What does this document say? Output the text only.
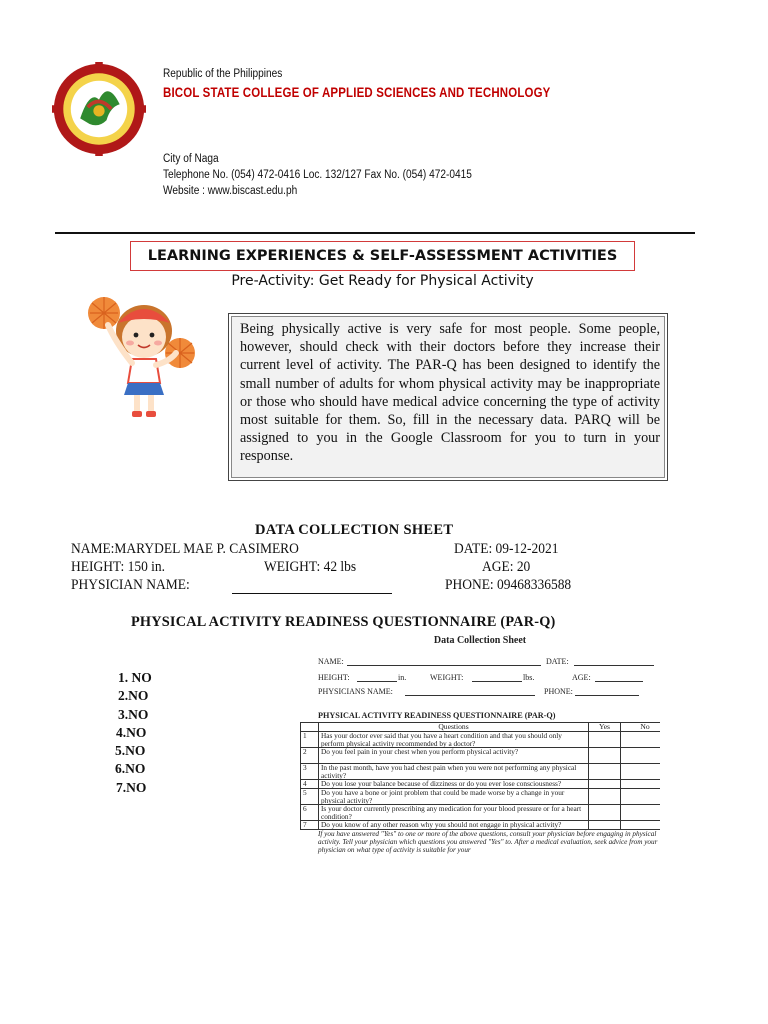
Republic of the Philippines
BICOL STATE COLLEGE OF APPLIED SCIENCES AND TECHNOLOGY
City of Naga
Telephone No. (054) 472-0416 Loc. 132/127 Fax No. (054) 472-0415
Website : www.biscast.edu.ph
LEARNING EXPERIENCES & SELF-ASSESSMENT ACTIVITIES
Pre-Activity: Get Ready for Physical Activity
Being physically active is very safe for most people. Some people, however, should check with their doctors before they increase their current level of activity. The PAR-Q has been designed to identify the small number of adults for whom physical activity may be inappropriate or those who should have medical advice concerning the type of activity most suitable for them. So, fill in the necessary data. PARQ will be assigned to you in the Google Classroom for you to turn in your response.
DATA COLLECTION SHEET
NAME:MARYDEL MAE P. CASIMERO	DATE: 09-12-2021
HEIGHT: 150 in.	WEIGHT: 42 lbs	AGE: 20
PHYSICIAN NAME:	PHONE: 09468336588
PHYSICAL ACTIVITY READINESS QUESTIONNAIRE (PAR-Q)
1. NO
2.NO
3.NO
4.NO
5.NO
6.NO
7.NO
Data Collection Sheet
NAME:	DATE:
HEIGHT:	in.	WEIGHT:	lbs.	AGE:
PHYSICIANS NAME:	PHONE:
PHYSICAL ACTIVITY READINESS QUESTIONNAIRE (PAR-Q)
	Questions	Yes	No
1	Has your doctor ever said that you have a heart condition and that you should only perform physical activity recommended by a doctor?		
2	Do you feel pain in your chest when you perform physical activity?		
3	In the past month, have you had chest pain when you were not performing any physical activity?		
4	Do you lose your balance because of dizziness or do you ever lose consciousness?		
5	Do you have a bone or joint problem that could be made worse by a change in your physical activity?		
6	Is your doctor currently prescribing any medication for your blood pressure or for a heart condition?		
7	Do you know of any other reason why you should not engage in physical activity?		
If you have answered "Yes" to one or more of the above questions, consult your physician before engaging in physical activity. Tell your physician which questions you answered "Yes" to. After a medical evaluation, seek advice from your physician on what type of activity is suitable for your
